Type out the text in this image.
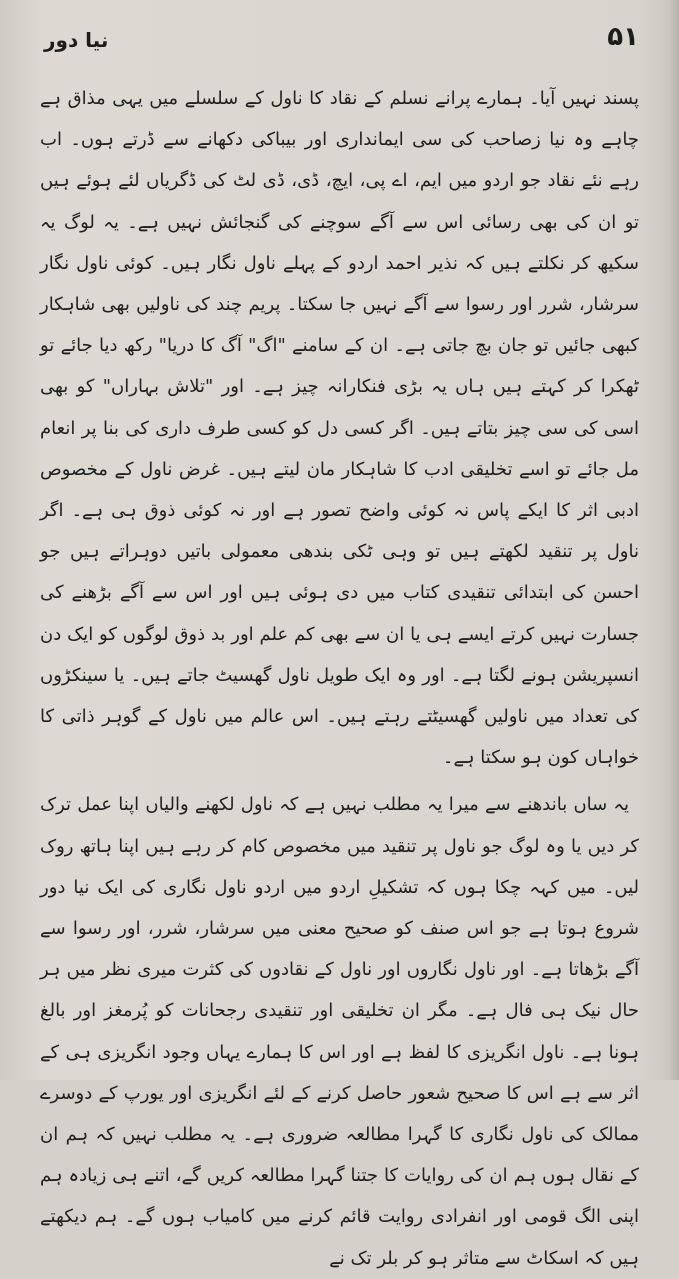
۵۱
نیا دور

پسند نہیں آیا۔ ہمارے پرانے نسلم کے نقاد کا ناول کے سلسلے میں یہی مذاق ہے چاہے وہ نیا زصاحب کی سی ایمانداری اور بیباکی دکھانے سے ڈرتے ہوں۔ اب رہے نئے نقاد جو اردو میں ایم، اے پی، ایچ، ڈی، ڈی لٹ کی ڈگریاں لئے ہوئے ہیں تو ان کی بھی رسائی اس سے آگے سوچنے کی گنجائش نہیں ہے۔ یہ لوگ یہ سکیھ کر نکلتے ہیں کہ نذیر احمد اردو کے پہلے ناول نگار ہیں۔ کوئی ناول نگار سرشار، شرر اور رسوا سے آگے نہیں جا سکتا۔ پریم چند کی ناولیں بھی شاہکار کبھی جائیں تو جان بچ جاتی ہے۔ ان کے سامنے "اگ" آگ کا دریا" رکھ دیا جائے تو ٹھکرا کر کہتے ہیں ہاں یہ بڑی فنکارانہ چیز ہے۔ اور "تلاش بہاراں" کو بھی اسی کی سی چیز بتاتے ہیں۔ اگر کسی دل کو کسی طرف داری کی بنا پر انعام مل جائے تو اسے تخلیقی ادب کا شاہکار مان لیتے ہیں۔ غرض ناول کے مخصوص ادبی اثر کا ایکے پاس نہ کوئی واضح تصور ہے اور نہ کوئی ذوق ہی ہے۔ اگر ناول پر تنقید لکھتے ہیں تو وہی ٹکی بندھی معمولی باتیں دوہراتے ہیں جو احسن کی ابتدائی تنقیدی کتاب میں دی ہوئی ہیں اور اس سے آگے بڑھنے کی جسارت نہیں کرتے ایسے ہی یا ان سے بھی کم علم اور بد ذوق لوگوں کو ایک دن انسپریشن ہونے لگتا ہے۔ اور وہ ایک طویل ناول گھسیٹ جاتے ہیں۔ یا سینکڑوں کی تعداد میں ناولیں گھسیٹتے رہتے ہیں۔ اس عالم میں ناول کے گوہر ذاتی کا خواہاں کون ہو سکتا ہے۔

یہ ساں باندھنے سے میرا یہ مطلب نہیں ہے کہ ناول لکھنے والیاں اپنا عمل ترک کر دیں یا وہ لوگ جو ناول پر تنقید میں مخصوص کام کر رہے ہیں اپنا ہاتھ روک لیں۔ میں کہہ چکا ہوں کہ تشکیلِ اردو میں اردو ناول نگاری کی ایک نیا دور شروع ہوتا ہے جو اس صنف کو صحیح معنی میں سرشار، شرر، اور رسوا سے آگے بڑھاتا ہے۔ اور ناول نگاروں اور ناول کے نقادوں کی کثرت میری نظر میں ہر حال نیک ہی فال ہے۔ مگر ان تخلیقی اور تنقیدی رجحانات کو پُرمغز اور بالغ ہونا ہے۔ ناول انگریزی کا لفظ ہے اور اس کا ہمارے یہاں وجود انگریزی ہی کے اثر سے ہے اس کا صحیح شعور حاصل کرنے کے لئے انگریزی اور یورپ کے دوسرے ممالک کی ناول نگاری کا گہرا مطالعہ ضروری ہے۔ یہ مطلب نہیں کہ ہم ان کے نقال ہوں ہم ان کی روایات کا جتنا گہرا مطالعہ کریں گے، اتنے ہی زیادہ ہم اپنی الگ قومی اور انفرادی روایت قائم کرنے میں کامیاب ہوں گے۔ ہم دیکھتے ہیں کہ اسکاٹ سے متاثر ہو کر بلر تک نے
